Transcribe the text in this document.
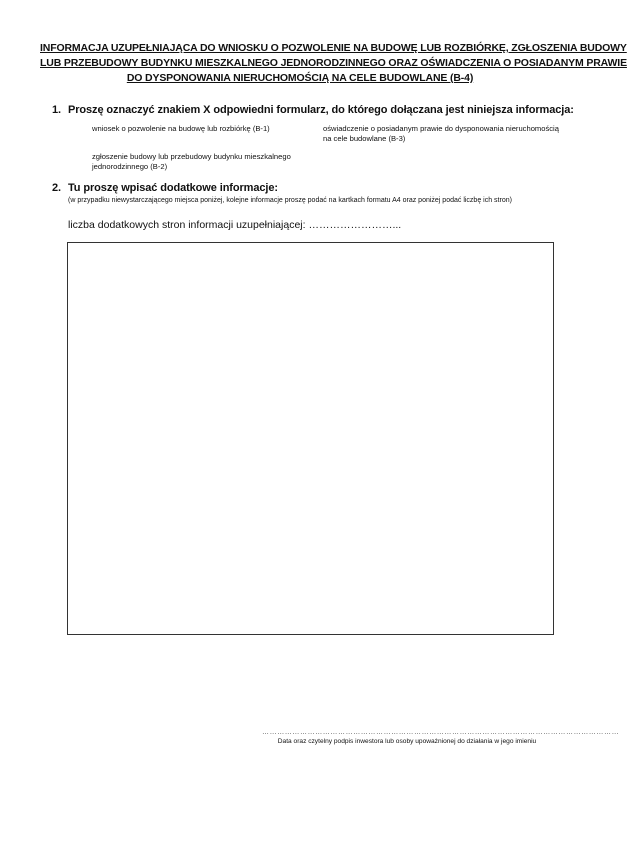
INFORMACJA UZUPEŁNIAJĄCA DO WNIOSKU O POZWOLENIE NA BUDOWĘ LUB ROZBIÓRKĘ, ZGŁOSZENIA BUDOWY
LUB PRZEBUDOWY BUDYNKU MIESZKALNEGO JEDNORODZINNEGO ORAZ OŚWIADCZENIA O POSIADANYM PRAWIE
DO DYSPONOWANIA NIERUCHOMOŚCIĄ NA CELE BUDOWLANE (B-4)
1. Proszę oznaczyć znakiem X odpowiedni formularz, do którego dołączana jest niniejsza informacja:
wniosek o pozwolenie na budowę lub rozbiórkę (B-1)	oświadczenie o posiadanym prawie do dysponowania nieruchomością
na cele budowlane (B-3)
zgłoszenie budowy lub przebudowy budynku mieszkalnego
jednorodzinnego (B-2)
2. Tu proszę wpisać dodatkowe informacje:
(w przypadku niewystarczającego miejsca poniżej, kolejne informacje proszę podać na kartkach formatu A4 oraz poniżej podać liczbę ich stron)
liczba dodatkowych stron informacji uzupełniającej: ……………………...
……………………………………………………………………………………………………………………………
Data oraz czytelny podpis inwestora lub osoby upoważnionej do działania w jego imieniu
